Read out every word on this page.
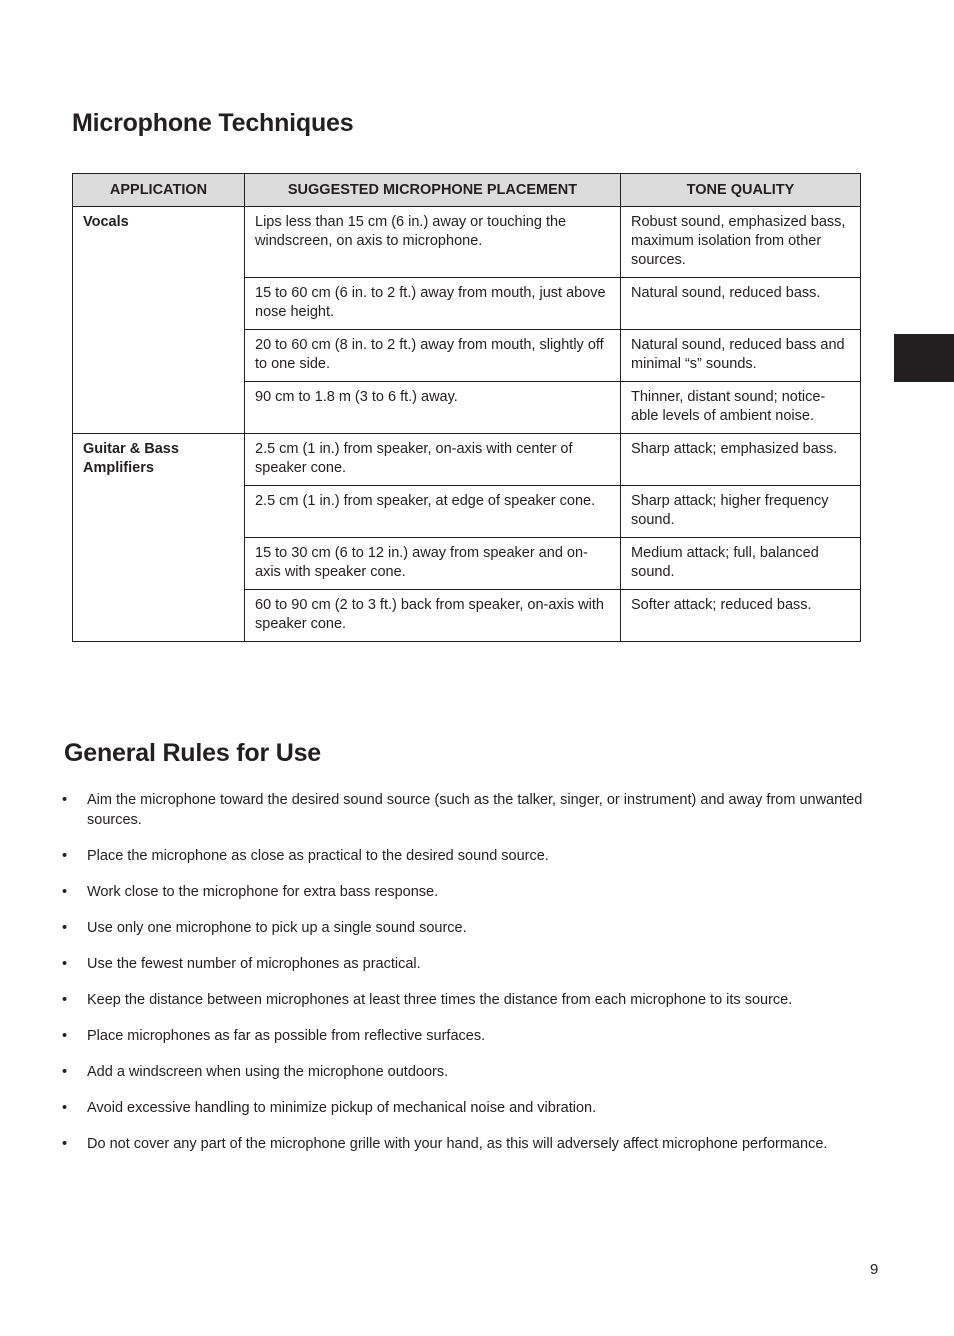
Microphone Techniques
APPLICATION	SUGGESTED MICROPHONE PLACEMENT	TONE QUALITY
Vocals	Lips less than 15 cm (6 in.) away or touching the windscreen, on axis to microphone.	Robust sound, emphasized bass, maximum isolation from other sources.
	15 to 60 cm (6 in. to 2 ft.) away from mouth, just above nose height.	Natural sound, reduced bass.
	20 to 60 cm (8 in. to 2 ft.) away from mouth, slightly off to one side.	Natural sound, reduced bass and minimal “s” sounds.
	90 cm to 1.8 m (3 to 6 ft.) away.	Thinner, distant sound; notice-able levels of ambient noise.
Guitar & Bass Amplifiers	2.5 cm (1 in.) from speaker, on-axis with center of speaker cone.	Sharp attack; emphasized bass.
	2.5 cm (1 in.) from speaker, at edge of speaker cone.	Sharp attack; higher frequency sound.
	15 to 30 cm (6 to 12 in.) away from speaker and on-axis with speaker cone.	Medium attack; full, balanced sound.
	60 to 90 cm (2 to 3 ft.) back from speaker, on-axis with speaker cone.	Softer attack; reduced bass.
General Rules for Use
• Aim the microphone toward the desired sound source (such as the talker, singer, or instrument) and away from unwanted sources.
• Place the microphone as close as practical to the desired sound source.
• Work close to the microphone for extra bass response.
• Use only one microphone to pick up a single sound source.
• Use the fewest number of microphones as practical.
• Keep the distance between microphones at least three times the distance from each microphone to its source.
• Place microphones as far as possible from reflective surfaces.
• Add a windscreen when using the microphone outdoors.
• Avoid excessive handling to minimize pickup of mechanical noise and vibration.
• Do not cover any part of the microphone grille with your hand, as this will adversely affect microphone performance.
9
